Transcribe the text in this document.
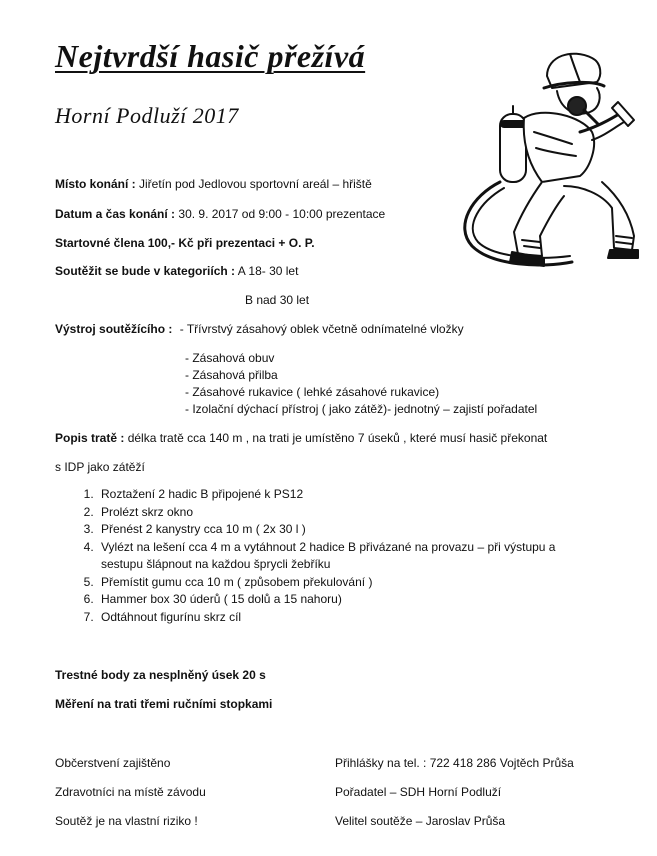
Nejtvrdší hasič přežívá
Horní Podluží 2017
Místo konání : Jiřetín pod Jedlovou sportovní areál – hřiště
Datum a čas konání : 30. 9. 2017 od 9:00 - 10:00 prezentace
Startovné člena 100,- Kč při prezentaci + O. P.
Soutěžit se bude v kategoriích : A 18- 30 let
B nad 30 let
Výstroj soutěžícího : - Třívrstvý zásahový oblek včetně odnímatelné vložky
- Zásahová obuv
- Zásahová přilba
- Zásahové rukavice ( lehké zásahové rukavice)
- Izolační dýchací přístroj ( jako zátěž)- jednotný – zajistí pořadatel
Popis tratě : délka tratě cca 140 m , na trati je umístěno 7 úseků , které musí hasič překonat
s IDP jako zátěží
1. Roztažení 2 hadic B připojené k PS12
2. Prolézt skrz okno
3. Přenést 2 kanystry cca 10 m ( 2x 30 l )
4. Vylézt na lešení cca 4 m a vytáhnout 2 hadice B přivázané na provazu – při výstupu a sestupu šlápnout na každou šprycli žebříku
5. Přemístit gumu cca 10 m ( způsobem překulování )
6. Hammer box 30 úderů ( 15 dolů a 15 nahoru)
7. Odtáhnout figurínu skrz cíl
Trestné body za nesplněný úsek 20 s
Měření na trati třemi ručními stopkami
Občerstvení zajištěno
Zdravotníci na místě závodu
Soutěž je na vlastní riziko !
Přihlášky na tel. : 722 418 286 Vojtěch Průša
Pořadatel – SDH Horní Podluží
Velitel soutěže – Jaroslav Průša
